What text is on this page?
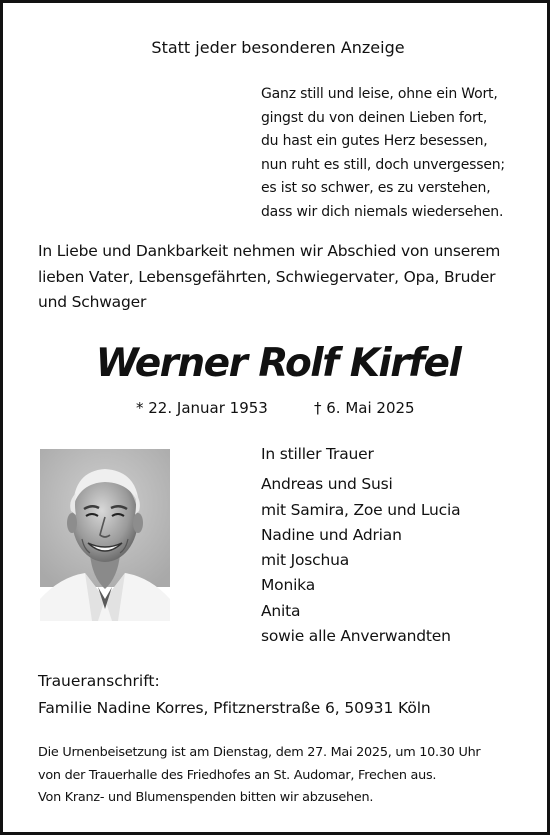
Statt jeder besonderen Anzeige
Ganz still und leise, ohne ein Wort,
gingst du von deinen Lieben fort,
du hast ein gutes Herz besessen,
nun ruht es still, doch unvergessen;
es ist so schwer, es zu verstehen,
dass wir dich niemals wiedersehen.
In Liebe und Dankbarkeit nehmen wir Abschied von unserem
lieben Vater, Lebensgefährten, Schwiegervater, Opa, Bruder
und Schwager
Werner Rolf Kirfel
* 22. Januar 1953	† 6. Mai 2025
In stiller Trauer
Andreas und Susi
mit Samira, Zoe und Lucia
Nadine und Adrian
mit Joschua
Monika
Anita
sowie alle Anverwandten
Traueranschrift:
Familie Nadine Korres, Pfitznerstraße 6, 50931 Köln
Die Urnenbeisetzung ist am Dienstag, dem 27. Mai 2025, um 10.30 Uhr
von der Trauerhalle des Friedhofes an St. Audomar, Frechen aus.
Von Kranz- und Blumenspenden bitten wir abzusehen.
